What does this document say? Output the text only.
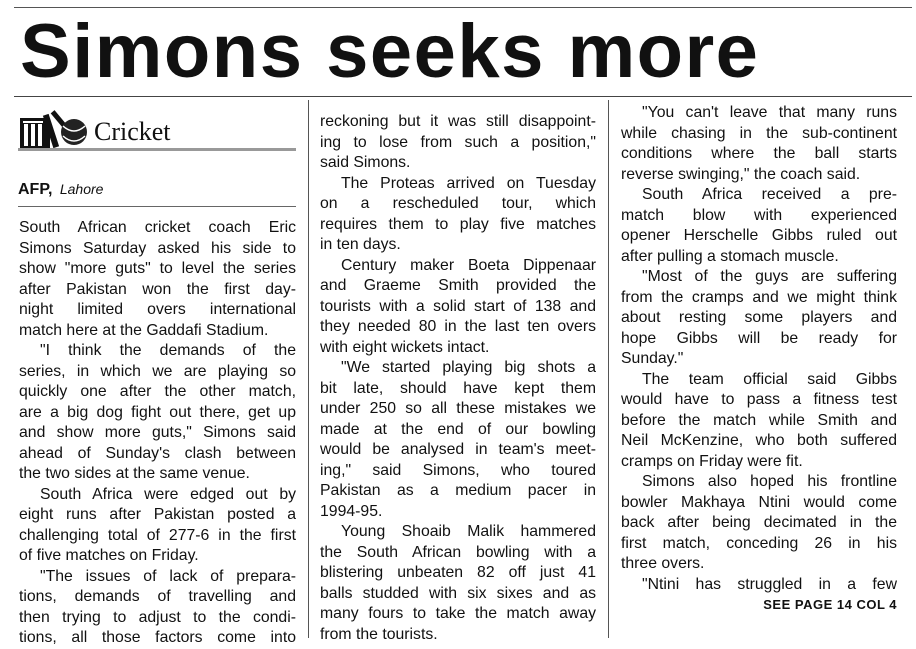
Simons seeks more
Cricket
AFP, Lahore
South African cricket coach Eric
Simons Saturday asked his side to
show "more guts" to level the series
after Pakistan won the first day-
night limited overs international
match here at the Gaddafi Stadium.
"I think the demands of the
series, in which we are playing so
quickly one after the other match,
are a big dog fight out there, get up
and show more guts," Simons said
ahead of Sunday's clash between
the two sides at the same venue.
South Africa were edged out by
eight runs after Pakistan posted a
challenging total of 277-6 in the first
of five matches on Friday.
"The issues of lack of prepara-
tions, demands of travelling and
then trying to adjust to the condi-
tions, all those factors come into
reckoning but it was still disappoint-
ing to lose from such a position,"
said Simons.
The Proteas arrived on Tuesday
on a rescheduled tour, which
requires them to play five matches
in ten days.
Century maker Boeta Dippenaar
and Graeme Smith provided the
tourists with a solid start of 138 and
they needed 80 in the last ten overs
with eight wickets intact.
"We started playing big shots a
bit late, should have kept them
under 250 so all these mistakes we
made at the end of our bowling
would be analysed in team's meet-
ing," said Simons, who toured
Pakistan as a medium pacer in
1994-95.
Young Shoaib Malik hammered
the South African bowling with a
blistering unbeaten 82 off just 41
balls studded with six sixes and as
many fours to take the match away
from the tourists.
"You can't leave that many runs
while chasing in the sub-continent
conditions where the ball starts
reverse swinging," the coach said.
South Africa received a pre-
match blow with experienced
opener Herschelle Gibbs ruled out
after pulling a stomach muscle.
"Most of the guys are suffering
from the cramps and we might think
about resting some players and
hope Gibbs will be ready for
Sunday."
The team official said Gibbs
would have to pass a fitness test
before the match while Smith and
Neil McKenzine, who both suffered
cramps on Friday were fit.
Simons also hoped his frontline
bowler Makhaya Ntini would come
back after being decimated in the
first match, conceding 26 in his
three overs.
"Ntini has struggled in a few
SEE PAGE 14 COL 4
